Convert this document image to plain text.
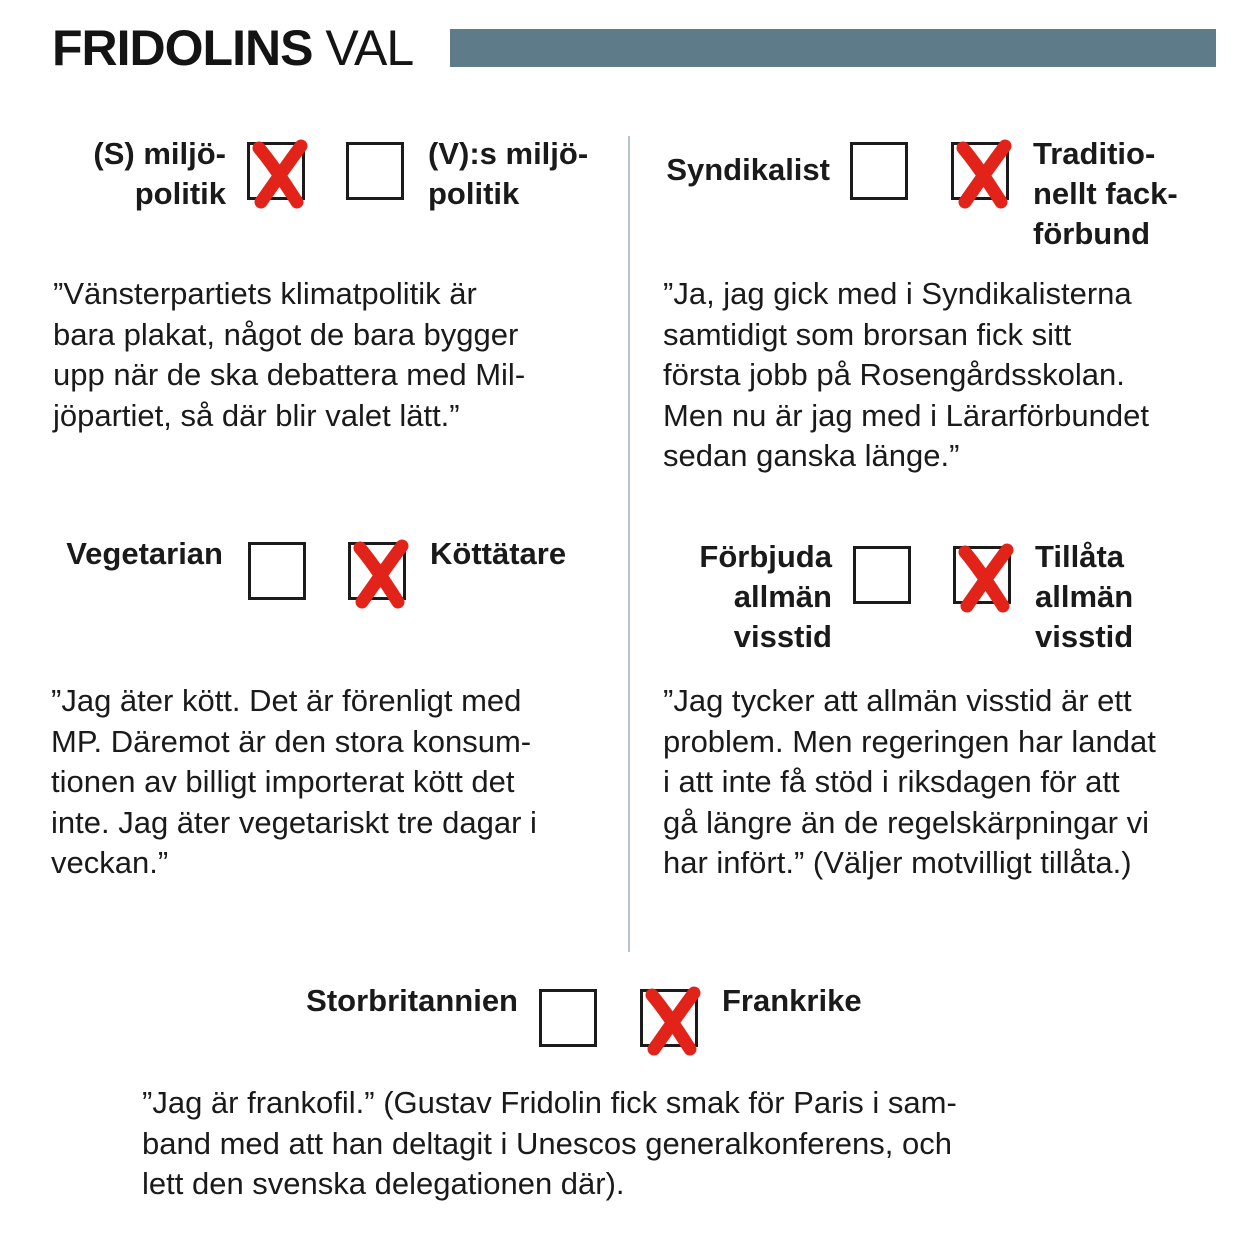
FRIDOLINS VAL
(S) miljö-
politik
(V):s miljö-
politik
”Vänsterpartiets klimatpolitik är
bara plakat, något de bara bygger
upp när de ska debattera med Mil-
jöpartiet, så där blir valet lätt.”
Syndikalist	Traditio-
nellt fack-
förbund
”Ja, jag gick med i Syndikalisterna
samtidigt som brorsan fick sitt
första jobb på Rosengårdsskolan.
Men nu är jag med i Lärarförbundet
sedan ganska länge.”
Vegetarian	Köttätare
”Jag äter kött. Det är förenligt med
MP. Däremot är den stora konsum-
tionen av billigt importerat kött det
inte. Jag äter vegetariskt tre dagar i
veckan.”
Förbjuda
allmän
visstid
Tillåta
allmän
visstid
”Jag tycker att allmän visstid är ett
problem. Men regeringen har landat
i att inte få stöd i riksdagen för att
gå längre än de regelskärpningar vi
har infört.” (Väljer motvilligt tillåta.)
Storbritannien	Frankrike
”Jag är frankofil.” (Gustav Fridolin fick smak för Paris i sam-
band med att han deltagit i Unescos generalkonferens, och
lett den svenska delegationen där).
